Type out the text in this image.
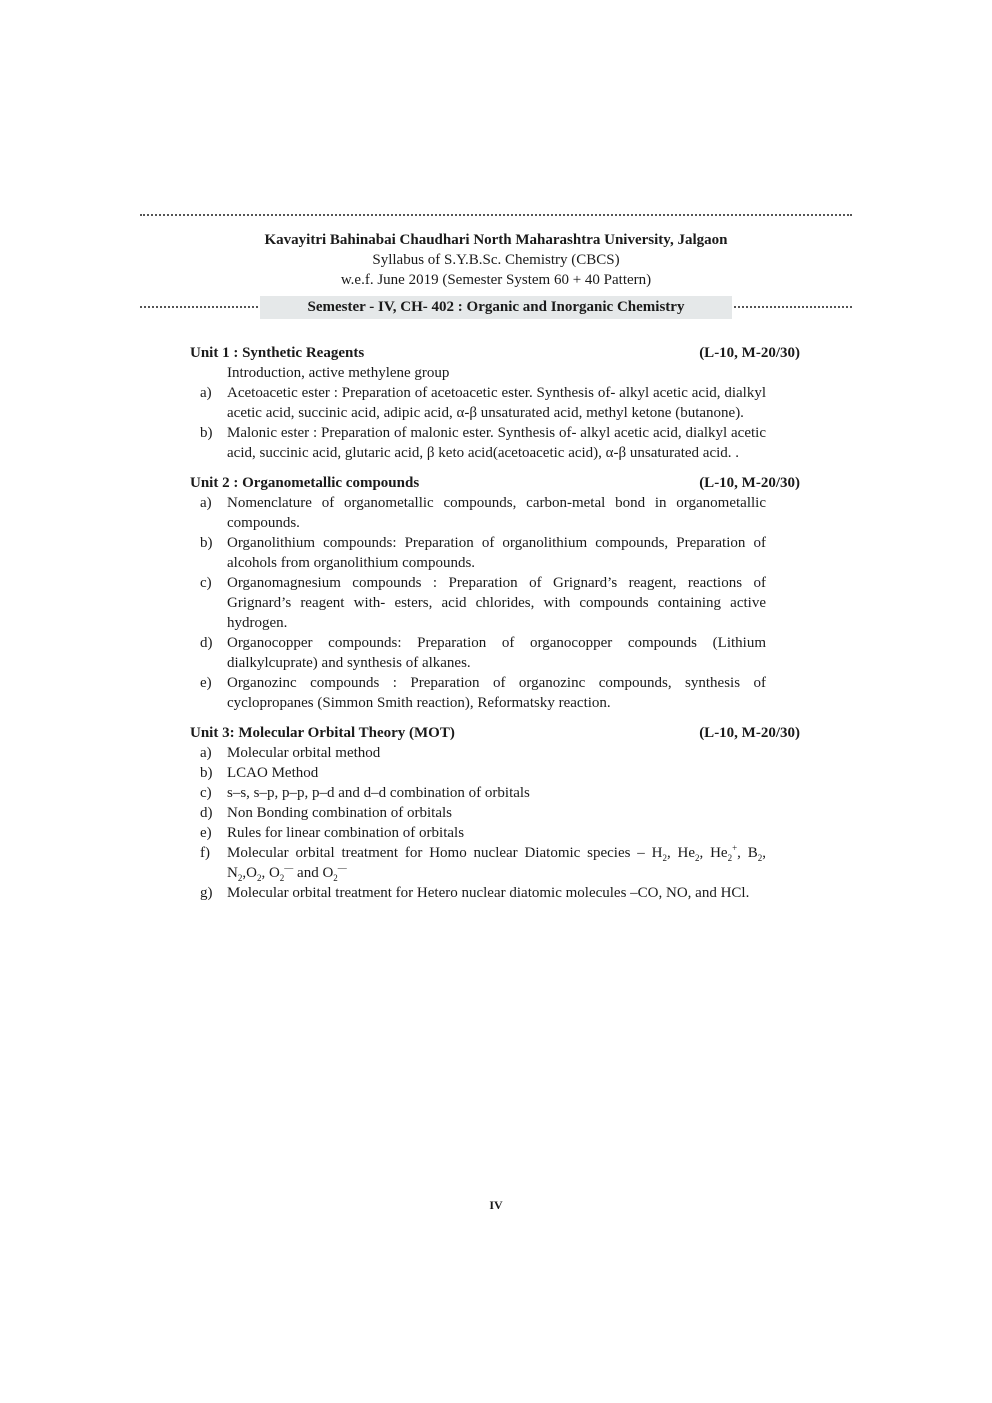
Kavayitri Bahinabai Chaudhari North Maharashtra University, Jalgaon
Syllabus of S.Y.B.Sc. Chemistry (CBCS)
w.e.f. June 2019 (Semester System 60 + 40 Pattern)
Semester - IV, CH- 402 : Organic and Inorganic Chemistry
Unit 1 : Synthetic Reagents	(L-10, M-20/30)
Introduction, active methylene group
a)	Acetoacetic ester : Preparation of acetoacetic ester. Synthesis of- alkyl acetic acid, dialkyl acetic acid, succinic acid, adipic acid, α-β unsaturated acid, methyl ketone (butanone).
b) Malonic ester : Preparation of malonic ester. Synthesis of- alkyl acetic acid, dialkyl acetic acid, succinic acid, glutaric acid, β keto acid(acetoacetic acid), α-β unsaturated acid. .
Unit 2 : Organometallic compounds	(L-10, M-20/30)
a)	Nomenclature of organometallic compounds, carbon-metal bond in organometallic compounds.
b) Organolithium compounds: Preparation of organolithium compounds, Preparation of alcohols from organolithium compounds.
c)	Organomagnesium compounds : Preparation of Grignard’s reagent, reactions of Grignard’s reagent with- esters, acid chlorides, with compounds containing active hydrogen.
d) Organocopper compounds: Preparation of organocopper compounds (Lithium dialkylcuprate) and synthesis of alkanes.
e)	Organozinc compounds : Preparation of organozinc compounds, synthesis of cyclopropanes (Simmon Smith reaction), Reformatsky reaction.
Unit 3: Molecular Orbital Theory (MOT)	(L-10, M-20/30)
a)	Molecular orbital method
b) LCAO Method
c)	s–s, s–p, p–p, p–d and d–d combination of orbitals
d) Non Bonding combination of orbitals
e)	Rules for linear combination of orbitals
f)	Molecular orbital treatment for Homo nuclear Diatomic species – $H_2$, $He_2$, $He_2^+$, $B_2$, $N_2,O_2$, $O_2^—$ and $O_2^—$
g) Molecular orbital treatment for Hetero nuclear diatomic molecules –CO, NO, and HCl.
IV
